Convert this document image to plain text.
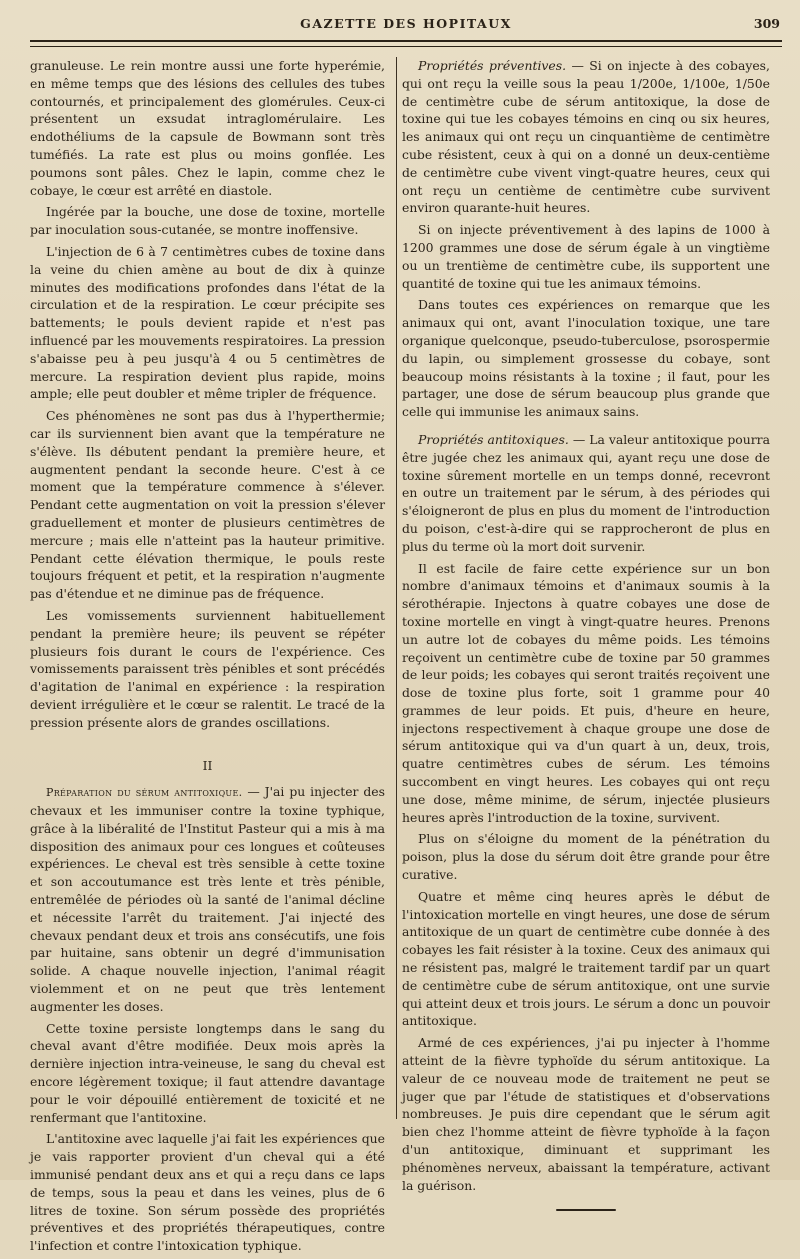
GAZETTE DES HOPITAUX	309

granuleuse. Le rein montre aussi une forte hyperémie, en même temps que des lésions des cellules des tubes contournés, et principalement des glomérules. Ceux-ci présentent un exsudat intraglomérulaire. Les endothéliums de la capsule de Bowmann sont très tuméfiés. La rate est plus ou moins gonflée. Les poumons sont pâles. Chez le lapin, comme chez le cobaye, le cœur est arrêté en diastole.

Ingérée par la bouche, une dose de toxine, mortelle par inoculation sous-cutanée, se montre inoffensive.

L'injection de 6 à 7 centimètres cubes de toxine dans la veine du chien amène au bout de dix à quinze minutes des modifications profondes dans l'état de la circulation et de la respiration. Le cœur précipite ses battements; le pouls devient rapide et n'est pas influencé par les mouvements respiratoires. La pression s'abaisse peu à peu jusqu'à 4 ou 5 centimètres de mercure. La respiration devient plus rapide, moins ample; elle peut doubler et même tripler de fréquence.

Ces phénomènes ne sont pas dus à l'hyperthermie; car ils surviennent bien avant que la température ne s'élève. Ils débutent pendant la première heure, et augmentent pendant la seconde heure. C'est à ce moment que la température commence à s'élever. Pendant cette augmentation on voit la pression s'élever graduellement et monter de plusieurs centimètres de mercure ; mais elle n'atteint pas la hauteur primitive. Pendant cette élévation thermique, le pouls reste toujours fréquent et petit, et la respiration n'augmente pas d'étendue et ne diminue pas de fréquence.

Les vomissements surviennent habituellement pendant la première heure; ils peuvent se répéter plusieurs fois durant le cours de l'expérience. Ces vomissements paraissent très pénibles et sont précédés d'agitation de l'animal en expérience : la respiration devient irrégulière et le cœur se ralentit. Le tracé de la pression présente alors de grandes oscillations.

II

Préparation du sérum antitoxique. — J'ai pu injecter des chevaux et les immuniser contre la toxine typhique, grâce à la libéralité de l'Institut Pasteur qui a mis à ma disposition des animaux pour ces longues et coûteuses expériences. Le cheval est très sensible à cette toxine et son accoutumance est très lente et très pénible, entremêlée de périodes où la santé de l'animal décline et nécessite l'arrêt du traitement. J'ai injecté des chevaux pendant deux et trois ans consécutifs, une fois par huitaine, sans obtenir un degré d'immunisation solide. A chaque nouvelle injection, l'animal réagit violemment et on ne peut que très lentement augmenter les doses.

Cette toxine persiste longtemps dans le sang du cheval avant d'être modifiée. Deux mois après la dernière injection intra-veineuse, le sang du cheval est encore légèrement toxique; il faut attendre davantage pour le voir dépouillé entièrement de toxicité et ne renfermant que l'antitoxine.

L'antitoxine avec laquelle j'ai fait les expériences que je vais rapporter provient d'un cheval qui a été immunisé pendant deux ans et qui a reçu dans ce laps de temps, sous la peau et dans les veines, plus de 6 litres de toxine. Son sérum possède des propriétés préventives et des propriétés thérapeutiques, contre l'infection et contre l'intoxication typhique.

Propriétés préventives. — Si on injecte à des cobayes, qui ont reçu la veille sous la peau 1/200e, 1/100e, 1/50e de centimètre cube de sérum antitoxique, la dose de toxine qui tue les cobayes témoins en cinq ou six heures, les animaux qui ont reçu un cinquantième de centimètre cube résistent, ceux à qui on a donné un deux-centième de centimètre cube vivent vingt-quatre heures, ceux qui ont reçu un centième de centimètre cube survivent environ quarante-huit heures.

Si on injecte préventivement à des lapins de 1000 à 1200 grammes une dose de sérum égale à un vingtième ou un trentième de centimètre cube, ils supportent une quantité de toxine qui tue les animaux témoins.

Dans toutes ces expériences on remarque que les animaux qui ont, avant l'inoculation toxique, une tare organique quelconque, pseudo-tuberculose, psorospermie du lapin, ou simplement grossesse du cobaye, sont beaucoup moins résistants à la toxine ; il faut, pour les partager, une dose de sérum beaucoup plus grande que celle qui immunise les animaux sains.

Propriétés antitoxiques. — La valeur antitoxique pourra être jugée chez les animaux qui, ayant reçu une dose de toxine sûrement mortelle en un temps donné, recevront en outre un traitement par le sérum, à des périodes qui s'éloigneront de plus en plus du moment de l'introduction du poison, c'est-à-dire qui se rapprocheront de plus en plus du terme où la mort doit survenir.

Il est facile de faire cette expérience sur un bon nombre d'animaux témoins et d'animaux soumis à la sérothérapie. Injectons à quatre cobayes une dose de toxine mortelle en vingt à vingt-quatre heures. Prenons un autre lot de cobayes du même poids. Les témoins reçoivent un centimètre cube de toxine par 50 grammes de leur poids; les cobayes qui seront traités reçoivent une dose de toxine plus forte, soit 1 gramme pour 40 grammes de leur poids. Et puis, d'heure en heure, injectons respectivement à chaque groupe une dose de sérum antitoxique qui va d'un quart à un, deux, trois, quatre centimètres cubes de sérum. Les témoins succombent en vingt heures. Les cobayes qui ont reçu une dose, même minime, de sérum, injectée plusieurs heures après l'introduction de la toxine, survivent.

Plus on s'éloigne du moment de la pénétration du poison, plus la dose du sérum doit être grande pour être curative.

Quatre et même cinq heures après le début de l'intoxication mortelle en vingt heures, une dose de sérum antitoxique de un quart de centimètre cube donnée à des cobayes les fait résister à la toxine. Ceux des animaux qui ne résistent pas, malgré le traitement tardif par un quart de centimètre cube de sérum antitoxique, ont une survie qui atteint deux et trois jours. Le sérum a donc un pouvoir antitoxique.

Armé de ces expériences, j'ai pu injecter à l'homme atteint de la fièvre typhoïde du sérum antitoxique. La valeur de ce nouveau mode de traitement ne peut se juger que par l'étude de statistiques et d'observations nombreuses. Je puis dire cependant que le sérum agit bien chez l'homme atteint de fièvre typhoïde à la façon d'un antitoxique, diminuant et supprimant les phénomènes nerveux, abaissant la température, activant la guérison.
